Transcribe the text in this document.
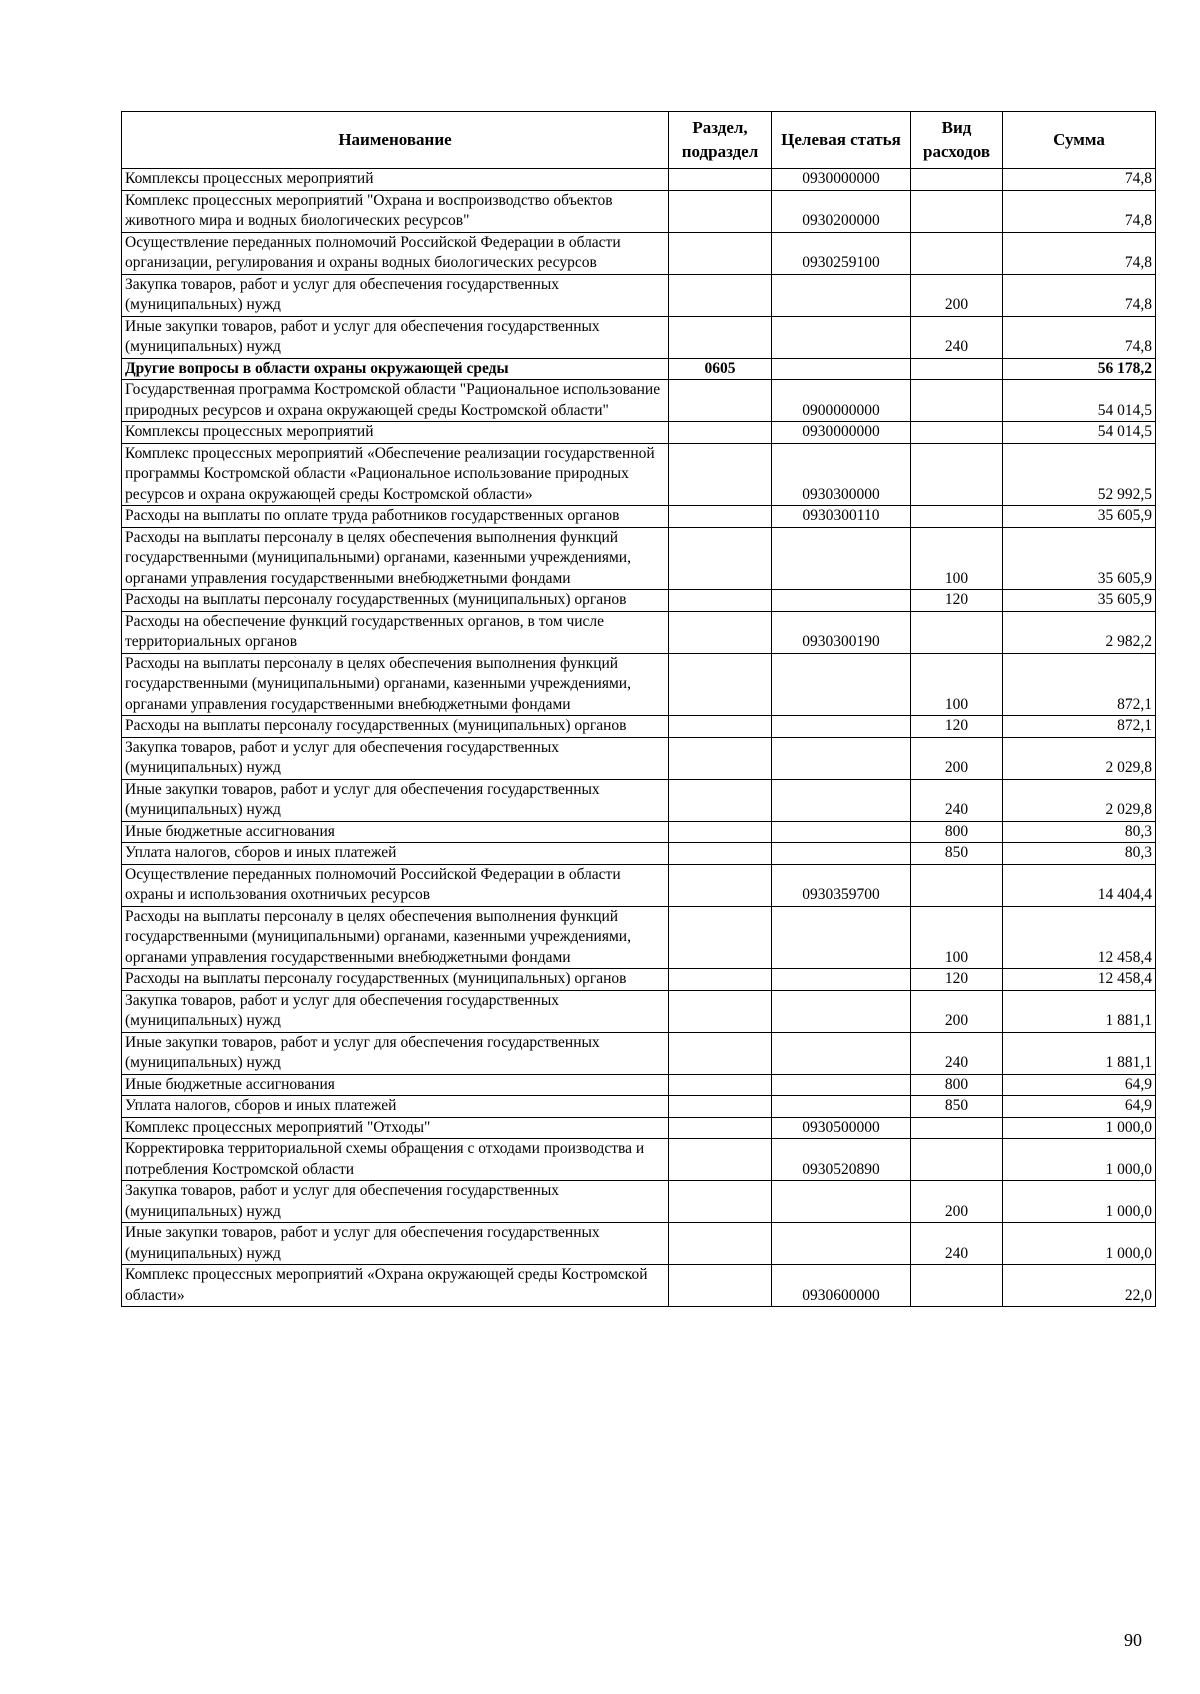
Наименование	Раздел, подраздел	Целевая статья	Вид расходов	Сумма
Комплексы процессных мероприятий		0930000000		74,8
Комплекс процессных мероприятий "Охрана и воспроизводство объектов животного мира и водных биологических ресурсов"		0930200000		74,8
Осуществление переданных полномочий Российской Федерации в области организации, регулирования и охраны водных биологических ресурсов		0930259100		74,8
Закупка товаров, работ и услуг для обеспечения государственных (муниципальных) нужд			200	74,8
Иные закупки товаров, работ и услуг для обеспечения государственных (муниципальных) нужд			240	74,8
Другие вопросы в области охраны окружающей среды	0605			56 178,2
Государственная программа Костромской области "Рациональное использование природных ресурсов и охрана окружающей среды Костромской области"		0900000000		54 014,5
Комплексы процессных мероприятий		0930000000		54 014,5
Комплекс процессных мероприятий «Обеспечение реализации государственной программы Костромской области «Рациональное использование природных ресурсов и охрана окружающей среды Костромской области»		0930300000		52 992,5
Расходы на выплаты по оплате труда работников государственных органов		0930300110		35 605,9
Расходы на выплаты персоналу в целях обеспечения выполнения функций государственными (муниципальными) органами, казенными учреждениями, органами управления государственными внебюджетными фондами			100	35 605,9
Расходы на выплаты персоналу государственных (муниципальных) органов			120	35 605,9
Расходы на обеспечение функций государственных органов, в том числе территориальных органов		0930300190		2 982,2
Расходы на выплаты персоналу в целях обеспечения выполнения функций государственными (муниципальными) органами, казенными учреждениями, органами управления государственными внебюджетными фондами			100	872,1
Расходы на выплаты персоналу государственных (муниципальных) органов			120	872,1
Закупка товаров, работ и услуг для обеспечения государственных (муниципальных) нужд			200	2 029,8
Иные закупки товаров, работ и услуг для обеспечения государственных (муниципальных) нужд			240	2 029,8
Иные бюджетные ассигнования			800	80,3
Уплата налогов, сборов и иных платежей			850	80,3
Осуществление переданных полномочий Российской Федерации в области охраны и использования охотничьих ресурсов		0930359700		14 404,4
Расходы на выплаты персоналу в целях обеспечения выполнения функций государственными (муниципальными) органами, казенными учреждениями, органами управления государственными внебюджетными фондами			100	12 458,4
Расходы на выплаты персоналу государственных (муниципальных) органов			120	12 458,4
Закупка товаров, работ и услуг для обеспечения государственных (муниципальных) нужд			200	1 881,1
Иные закупки товаров, работ и услуг для обеспечения государственных (муниципальных) нужд			240	1 881,1
Иные бюджетные ассигнования			800	64,9
Уплата налогов, сборов и иных платежей			850	64,9
Комплекс процессных мероприятий "Отходы"		0930500000		1 000,0
Корректировка территориальной схемы обращения с отходами производства и потребления Костромской области		0930520890		1 000,0
Закупка товаров, работ и услуг для обеспечения государственных (муниципальных) нужд			200	1 000,0
Иные закупки товаров, работ и услуг для обеспечения государственных (муниципальных) нужд			240	1 000,0
Комплекс процессных мероприятий «Охрана окружающей среды Костромской области»		0930600000		22,0
90
